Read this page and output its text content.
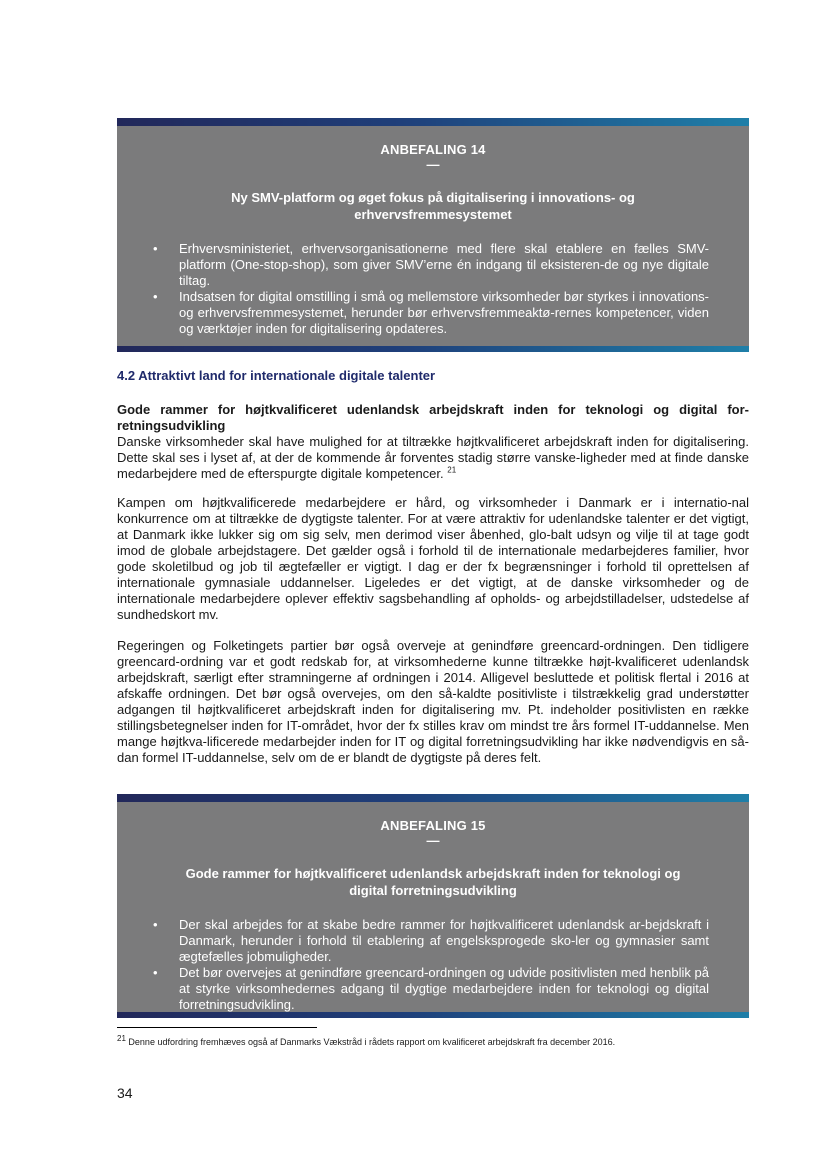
ANBEFALING 14
—
Ny SMV-platform og øget fokus på digitalisering i innovations- og erhvervsfremmesystemet
• Erhvervsministeriet, erhvervsorganisationerne med flere skal etablere en fælles SMV-platform (One-stop-shop), som giver SMV’erne én indgang til eksisteren-de og nye digitale tiltag.
• Indsatsen for digital omstilling i små og mellemstore virksomheder bør styrkes i innovations- og erhvervsfremmesystemet, herunder bør erhvervsfremmeaktø-rernes kompetencer, viden og værktøjer inden for digitalisering opdateres.
4.2 Attraktivt land for internationale digitale talenter
Gode rammer for højtkvalificeret udenlandsk arbejdskraft inden for teknologi og digital for-retningsudvikling
Danske virksomheder skal have mulighed for at tiltrække højtkvalificeret arbejdskraft inden for digitalisering. Dette skal ses i lyset af, at der de kommende år forventes stadig større vanske-ligheder med at finde danske medarbejdere med de efterspurgte digitale kompetencer. $^{21}$
Kampen om højtkvalificerede medarbejdere er hård, og virksomheder i Danmark er i internatio-nal konkurrence om at tiltrække de dygtigste talenter. For at være attraktiv for udenlandske talenter er det vigtigt, at Danmark ikke lukker sig om sig selv, men derimod viser åbenhed, glo-balt udsyn og vilje til at tage godt imod de globale arbejdstagere. Det gælder også i forhold til de internationale medarbejderes familier, hvor gode skoletilbud og job til ægtefæller er vigtigt. I dag er der fx begrænsninger i forhold til oprettelsen af internationale gymnasiale uddannelser. Ligeledes er det vigtigt, at de danske virksomheder og de internationale medarbejdere oplever effektiv sagsbehandling af opholds- og arbejdstilladelser, udstedelse af sundhedskort mv.
Regeringen og Folketingets partier bør også overveje at genindføre greencard-ordningen. Den tidligere greencard-ordning var et godt redskab for, at virksomhederne kunne tiltrække højt-kvalificeret udenlandsk arbejdskraft, særligt efter stramningerne af ordningen i 2014. Alligevel besluttede et politisk flertal i 2016 at afskaffe ordningen. Det bør også overvejes, om den så-kaldte positivliste i tilstrækkelig grad understøtter adgangen til højtkvalificeret arbejdskraft inden for digitalisering mv. Pt. indeholder positivlisten en række stillingsbetegnelser inden for IT-området, hvor der fx stilles krav om mindst tre års formel IT-uddannelse. Men mange højtkva-lificerede medarbejder inden for IT og digital forretningsudvikling har ikke nødvendigvis en så-dan formel IT-uddannelse, selv om de er blandt de dygtigste på deres felt.
ANBEFALING 15
—
Gode rammer for højtkvalificeret udenlandsk arbejdskraft inden for teknologi og digital forretningsudvikling
• Der skal arbejdes for at skabe bedre rammer for højtkvalificeret udenlandsk ar-bejdskraft i Danmark, herunder i forhold til etablering af engelsksprogede sko-ler og gymnasier samt ægtefælles jobmuligheder.
• Det bør overvejes at genindføre greencard-ordningen og udvide positivlisten med henblik på at styrke virksomhedernes adgang til dygtige medarbejdere inden for teknologi og digital forretningsudvikling.
$^{21}$ Denne udfordring fremhæves også af Danmarks Vækstråd i rådets rapport om kvalificeret arbejdskraft fra december 2016.
34
